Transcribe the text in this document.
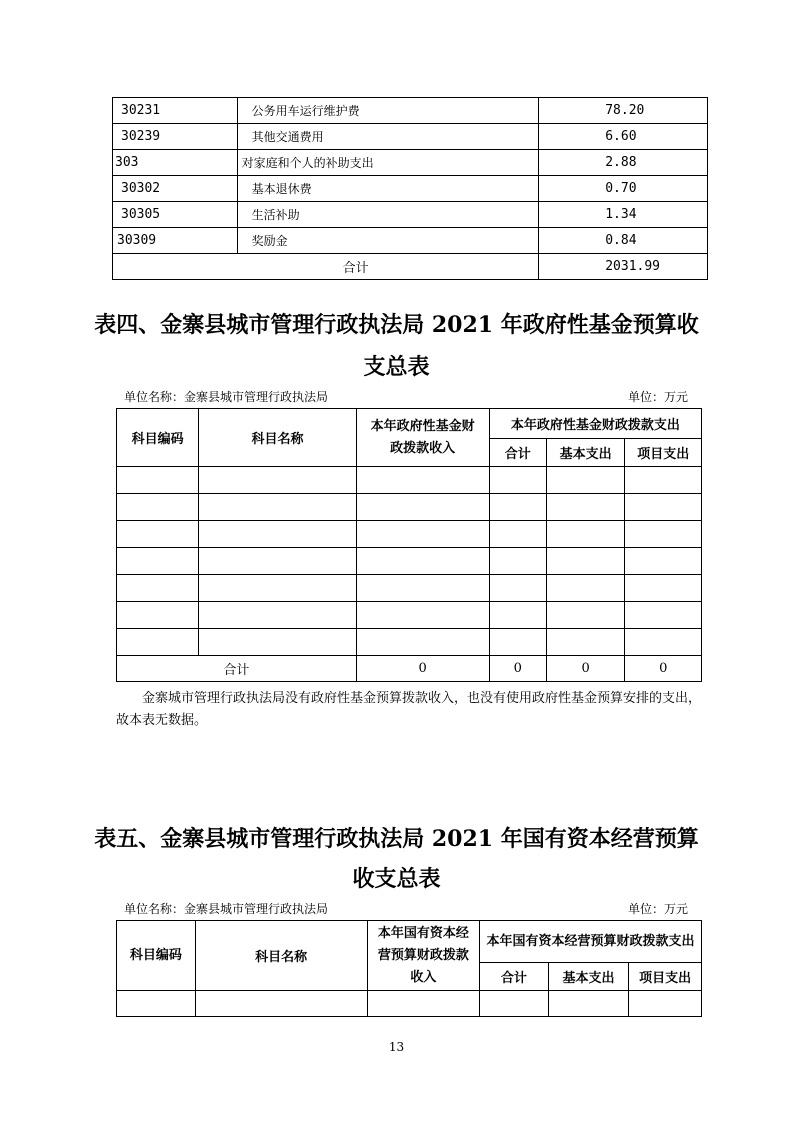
30231	公务用车运行维护费	78.20
30239	其他交通费用	6.60
303	对家庭和个人的补助支出	2.88
30302	基本退休费	0.70
30305	生活补助	1.34
30309	奖励金	0.84
合计		2031.99
表四、金寨县城市管理行政执法局 2021 年政府性基金预算收
支总表
单位名称：金寨县城市管理行政执法局	单位：万元
科目编码	科目名称	本年政府性基金财政拨款收入	本年政府性基金财政拨款支出		
			合计	基本支出	项目支出

合计		0	0	0	0
金寨城市管理行政执法局没有政府性基金预算拨款收入，也没有使用政府性基金预算安排的支出，故本表无数据。
表五、金寨县城市管理行政执法局 2021 年国有资本经营预算
收支总表
单位名称：金寨县城市管理行政执法局	单位：万元
科目编码	科目名称	本年国有资本经营预算财政拨款收入	本年国有资本经营预算财政拨款支出		
			合计	基本支出	项目支出

13
